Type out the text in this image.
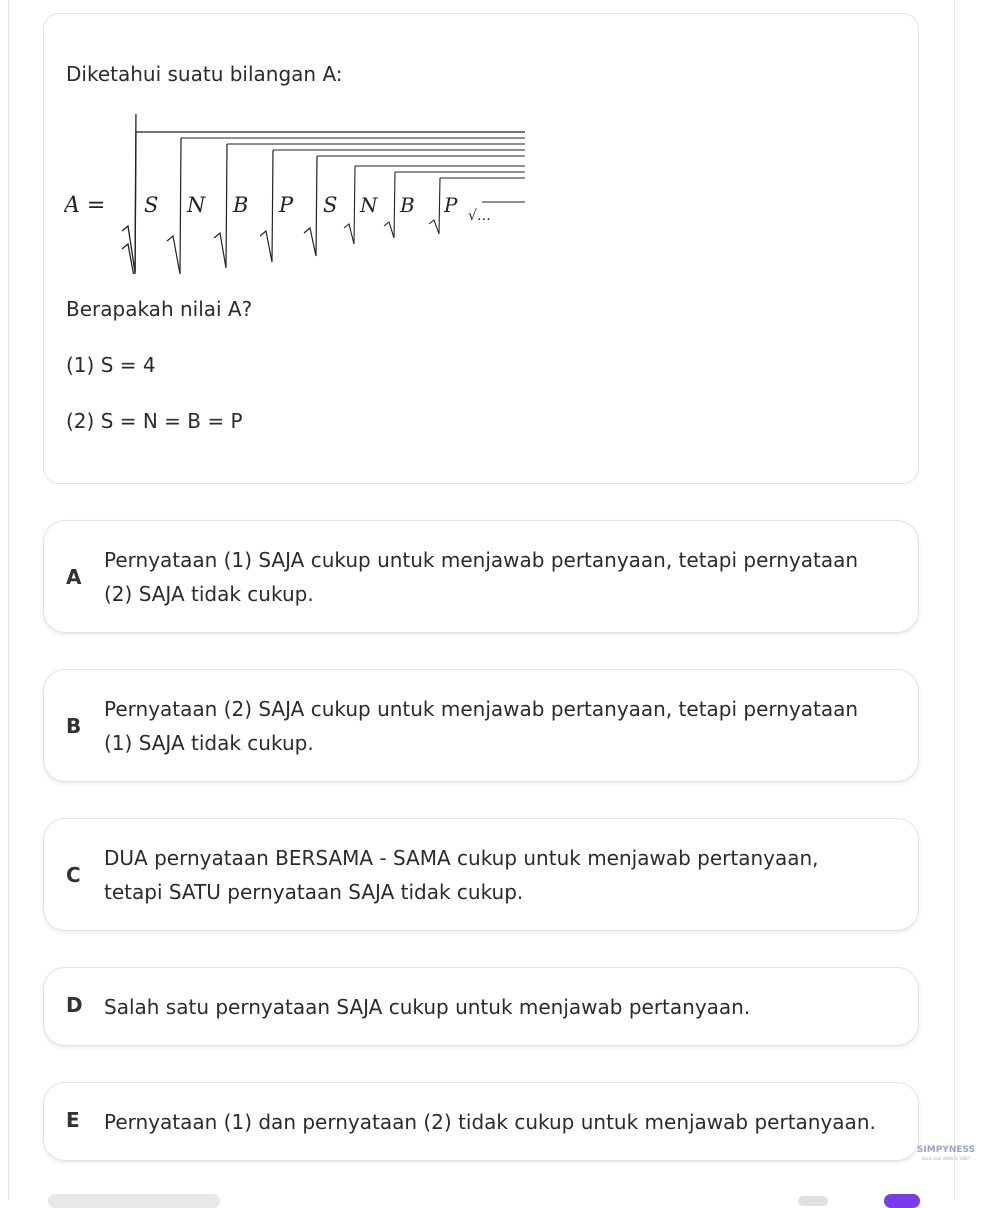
Diketahui suatu bilangan A:
A = S N B P S N B P √…
Berapakah nilai A?
(1) S = 4
(2) S = N = B = P
A
Pernyataan (1) SAJA cukup untuk menjawab pertanyaan, tetapi pernyataan (2) SAJA tidak cukup.
B
Pernyataan (2) SAJA cukup untuk menjawab pertanyaan, tetapi pernyataan (1) SAJA tidak cukup.
C
DUA pernyataan BERSAMA - SAMA cukup untuk menjawab pertanyaan, tetapi SATU pernyataan SAJA tidak cukup.
D Salah satu pernyataan SAJA cukup untuk menjawab pertanyaan.
E Pernyataan (1) dan pernyataan (2) tidak cukup untuk menjawab pertanyaan.
SIMPYNESS
Bank soal UNBK & SNBT
